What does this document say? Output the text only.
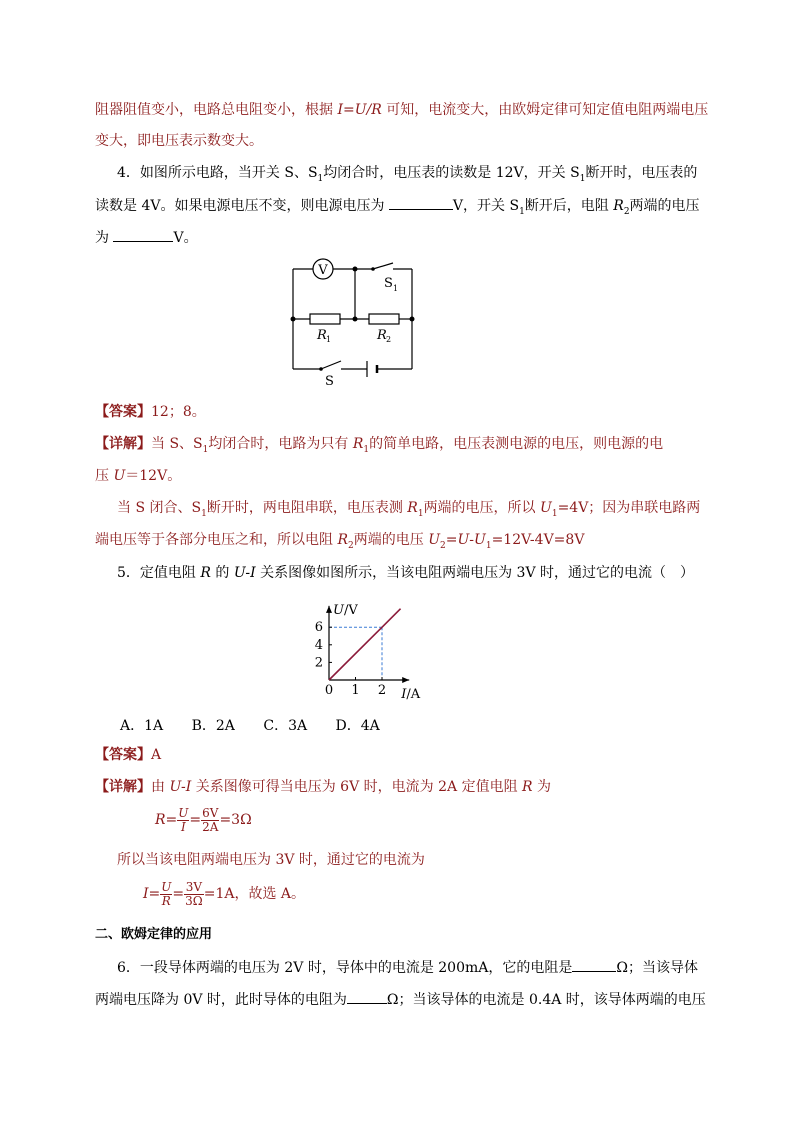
阻器阻值变小，电路总电阻变小，根据 I=U/R 可知，电流变大，由欧姆定律可知定值电阻两端电压
变大，即电压表示数变大。
4．如图所示电路，当开关 S、$S_1$均闭合时，电压表的读数是 12V，开关 $S_1$断开时，电压表的
读数是 4V。如果电源电压不变，则电源电压为	V，开关 $S_1$断开后，电阻 $R_2$两端的电压
为	V。
V
S 1
R 1	R 2
S
【答案】12；8。
【详解】当 S、$S_1$均闭合时，电路为只有 $R_1$的简单电路，电压表测电源的电压，则电源的电
压 U＝12V。
当 S 闭合、$S_1$断开时，两电阻串联，电压表测 $R_1$两端的电压，所以 $U_1=4V$；因为串联电路两
端电压等于各部分电压之和，所以电阻 $R_2$两端的电压 $U_2=U-U_1=12V-4V=8V$
5．定值电阻 R 的 U-I 关系图像如图所示，当该电阻两端电压为 3V 时，通过它的电流（　）
0 1 2
2
4
6
U/V
I/A
A．1A B．2A C．3A D．4A
【答案】A
【详解】由 U-I 关系图像可得当电压为 6V 时，电流为 2A 定值电阻 R 为
$R= \frac{U}{I} = \frac{6V}{2A} =3\Omega$
所以当该电阻两端电压为 3V 时，通过它的电流为
$I= \frac{U}{R} = \frac{3V}{3\Omega} =1A$，故选 A。
二、欧姆定律的应用
6．一段导体两端的电压为 2V 时，导体中的电流是 200mA，它的电阻是	Ω；当该导体
两端电压降为 0V 时，此时导体的电阻为	Ω；当该导体的电流是 0.4A 时，该导体两端的电压
